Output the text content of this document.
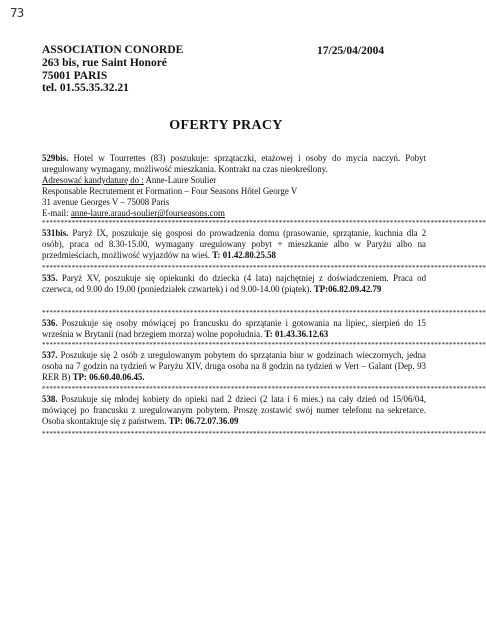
73
ASSOCIATION CONORDE
263 bis, rue Saint Honoré
75001 PARIS
tel. 01.55.35.32.21
17/25/04/2004
OFERTY PRACY
529bis. Hotel w Tourrettes (83) poszukuje: sprzątaczki, etażowej i osoby do mycia naczyń. Pobyt uregulowany wymagany, możliwość mieszkania. Kontrakt na czas nieokreślony.
Adresować kandydaturę do : Anne-Laure Soulier
Responsable Recrutement et Formation – Four Seasons Hôtel George V
31 avenue Georges V – 75008 Paris
E-mail: anne-laure.araud-soulier@fourseasons.com
************************************************************************************************************************
531bis. Paryż IX, poszukuje się gosposi do prowadzenia domu (prasowanie, sprzątanie, kuchnia dla 2 osób), praca od 8.30-15.00, wymagany uregulowany pobyt + mieszkanie albo w Paryżu albo na przedmieściach, możliwość wyjazdów na wieś. T: 01.42.80.25.58
************************************************************************************************************************
535. Paryż XV, poszukuje się opiekunki do dziecka (4 lata) najchętniej z doświadczeniem. Praca od czerwca, od 9.00 do 19.00 (poniedziałek czwartek) i od 9.00-14.00 (piątek). TP:06.82.09.42.79
************************************************************************************************************************
536. Poszukuje się osoby mówiącej po francusku do sprzątanie i gotowania na lipiec, sierpień do 15 września w Brytanii (nad brzegiem morza) wolne popołudnia. T: 01.43.36.12.63
************************************************************************************************************************
537. Poszukuje się 2 osób z uregulowanym pobytem do sprzątania biur w godzinach wieczornych, jedna osoba na 7 godzin na tydzień w Paryżu XIV, druga osoba na 8 godzin na tydzień w Vert – Galant (Dep. 93 RER B) TP: 06.60.40.06.45.
************************************************************************************************************************
538. Poszukuje się młodej kobiety do opieki nad 2 dzieci (2 lata i 6 mies.) na cały dzień od 15/06/04, mówiącej po francusku z uregulowanym pobytem. Proszę zostawić swój numer telefonu na sekretarce. Osoba skontaktuje się z państwem. TP: 06.72.07.36.09
************************************************************************************************************************
